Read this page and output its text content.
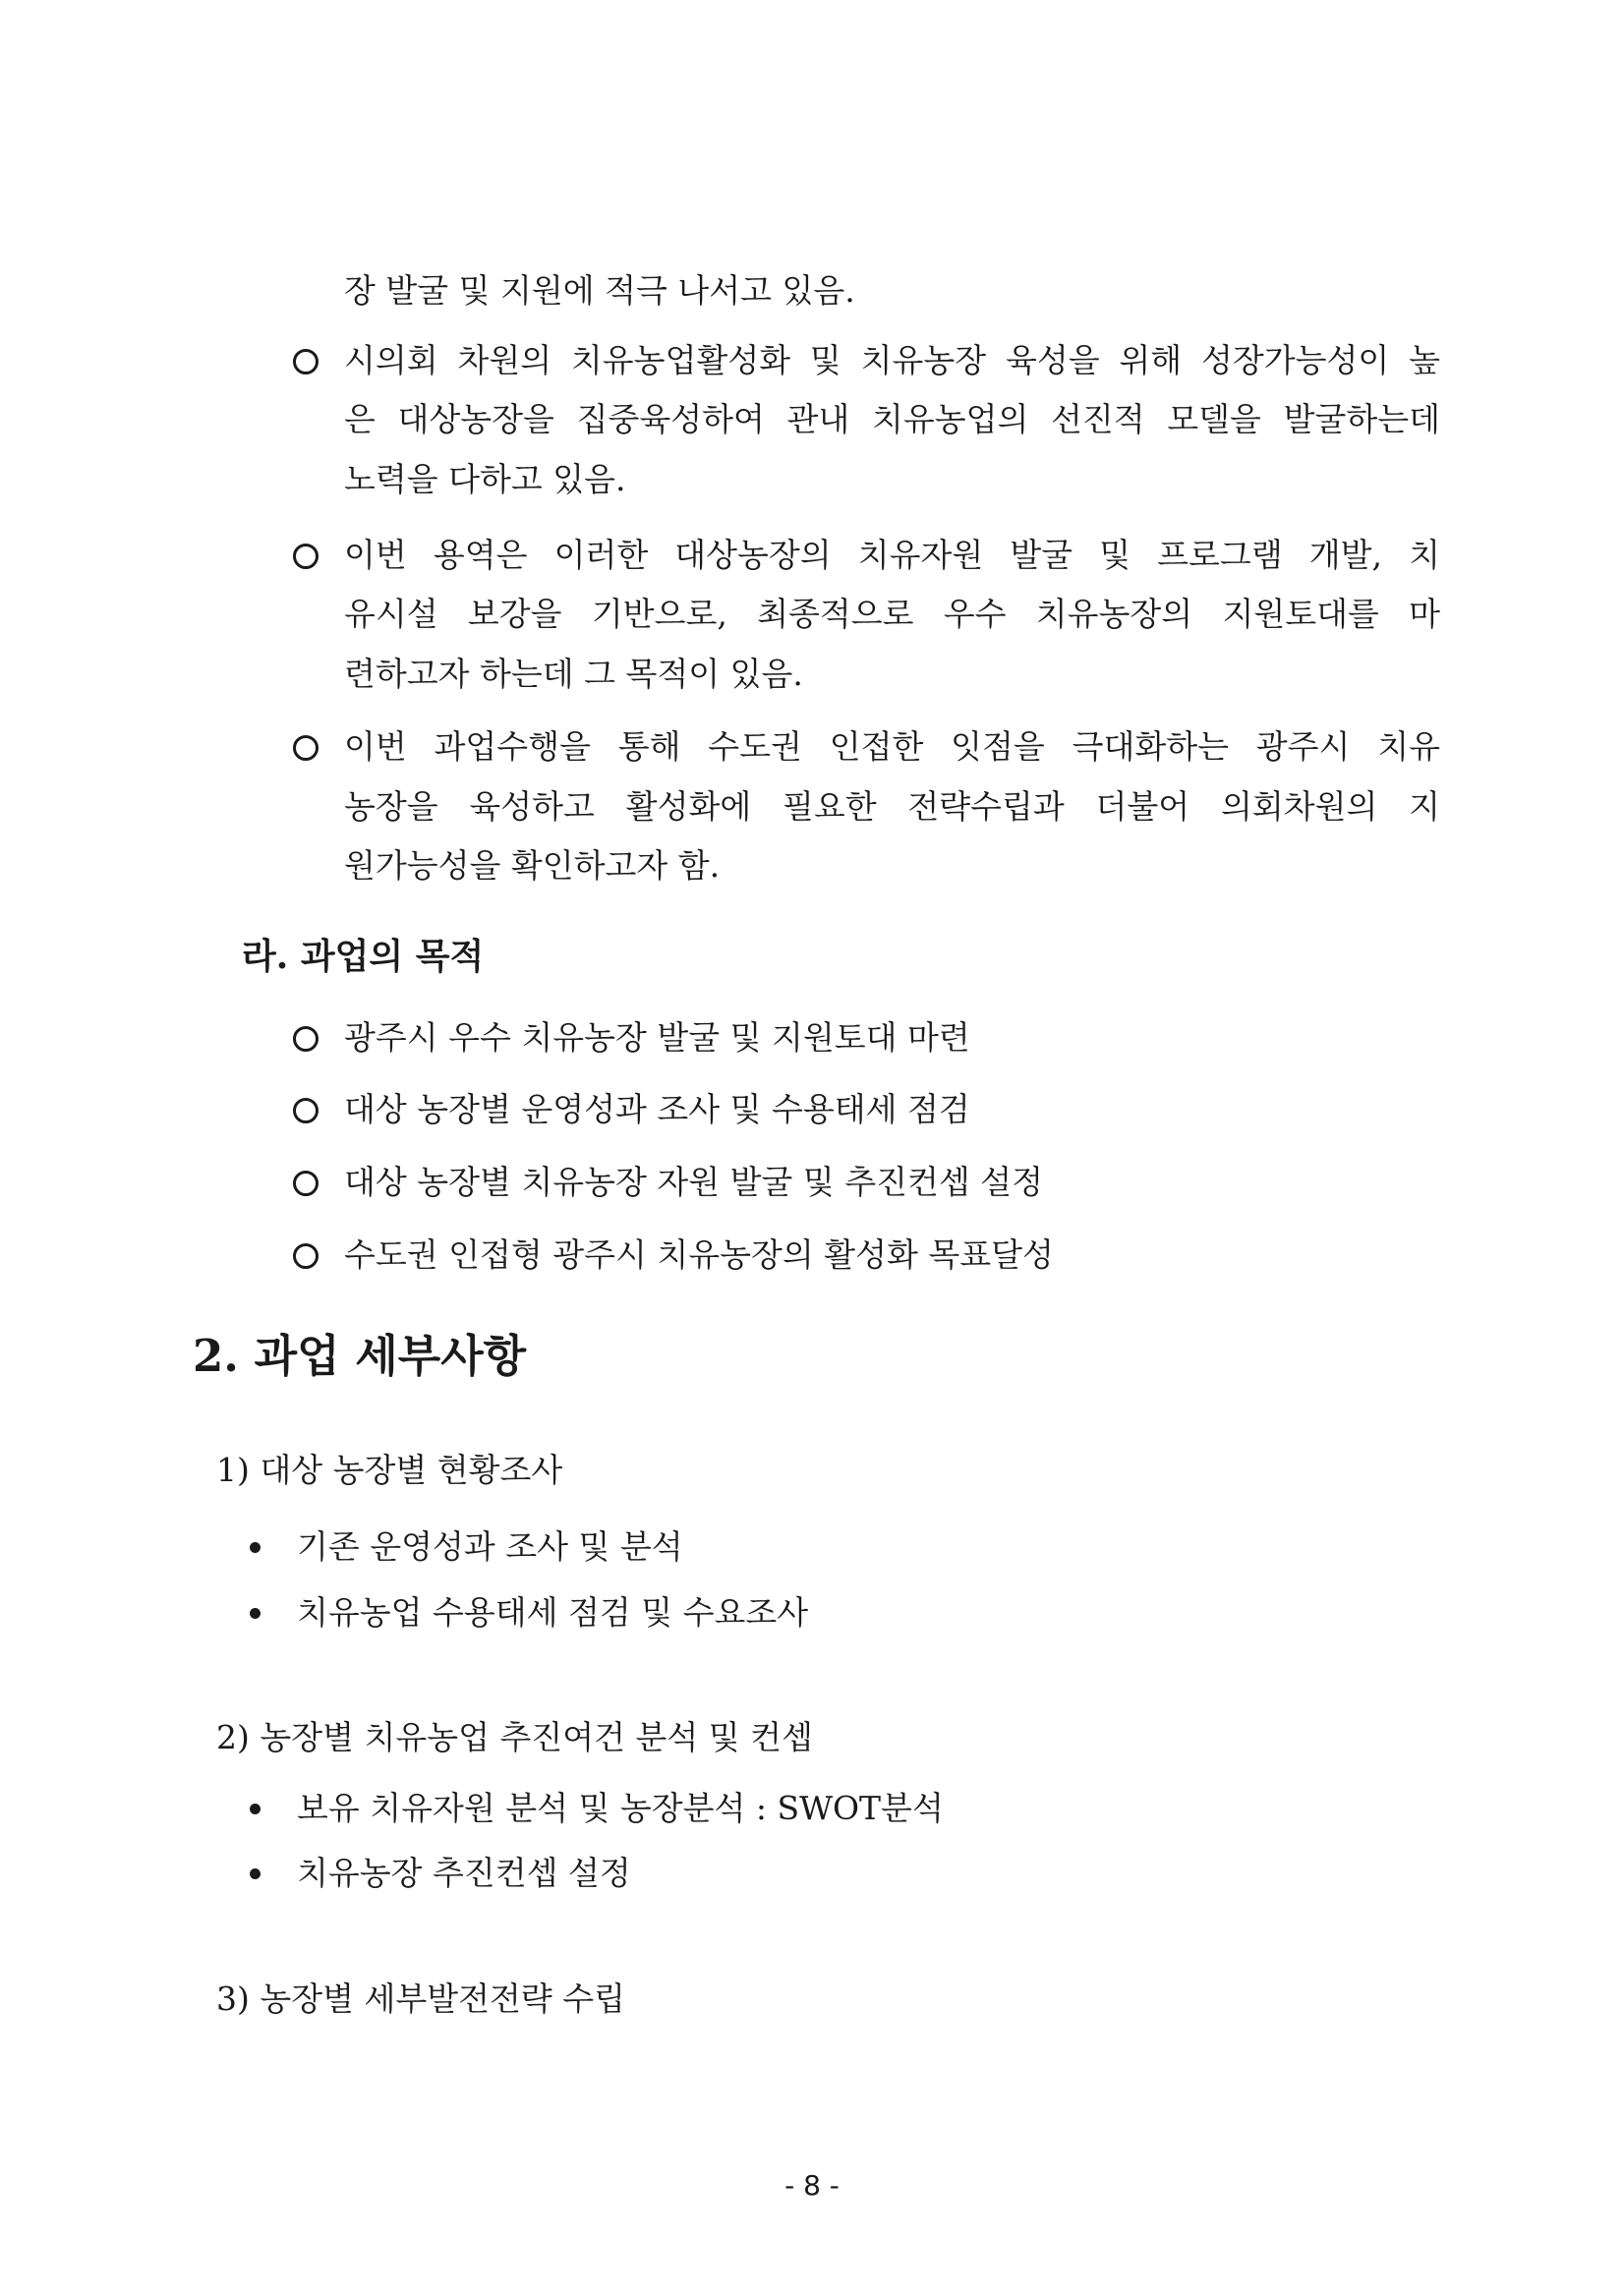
장 발굴 및 지원에 적극 나서고 있음.
시의회 차원의 치유농업활성화 및 치유농장 육성을 위해 성장가능성이 높
은 대상농장을 집중육성하여 관내 치유농업의 선진적 모델을 발굴하는데
노력을 다하고 있음.
이번 용역은 이러한 대상농장의 치유자원 발굴 및 프로그램 개발, 치
유시설 보강을 기반으로, 최종적으로 우수 치유농장의 지원토대를 마
련하고자 하는데 그 목적이 있음.
이번 과업수행을 통해 수도권 인접한 잇점을 극대화하는 광주시 치유
농장을 육성하고 활성화에 필요한 전략수립과 더불어 의회차원의 지
원가능성을 확인하고자 함.
라. 과업의 목적
광주시 우수 치유농장 발굴 및 지원토대 마련
대상 농장별 운영성과 조사 및 수용태세 점검
대상 농장별 치유농장 자원 발굴 및 추진컨셉 설정
수도권 인접형 광주시 치유농장의 활성화 목표달성
2. 과업 세부사항
1) 대상 농장별 현황조사
기존 운영성과 조사 및 분석
치유농업 수용태세 점검 및 수요조사
2) 농장별 치유농업 추진여건 분석 및 컨셉
보유 치유자원 분석 및 농장분석 : SWOT분석
치유농장 추진컨셉 설정
3) 농장별 세부발전전략 수립
- 8 -
